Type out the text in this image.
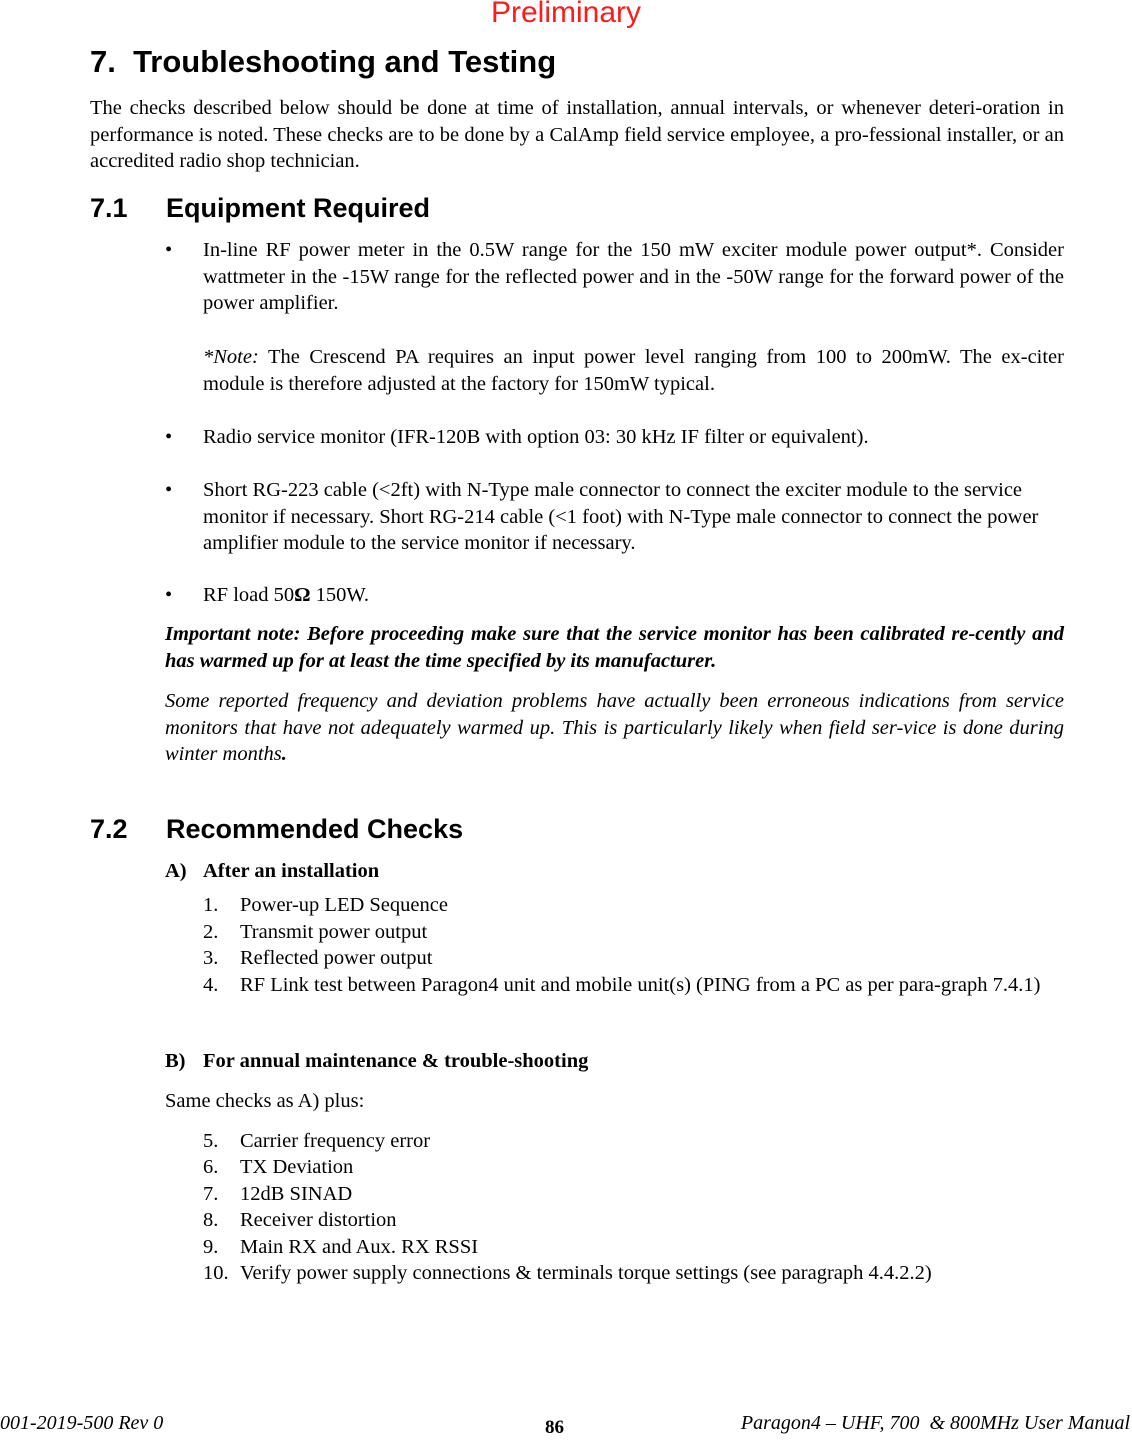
Preliminary
7.  Troubleshooting and Testing
The checks described below should be done at time of installation, annual intervals, or whenever deteri-oration in performance is noted. These checks are to be done by a CalAmp field service employee, a pro-fessional installer, or an accredited radio shop technician.
7.1 Equipment Required
• In-line RF power meter in the 0.5W range for the 150 mW exciter module power output*. Consider wattmeter in the -15W range for the reflected power and in the -50W range for the forward power of the power amplifier.
*Note: The Crescend PA requires an input power level ranging from 100 to 200mW. The ex-citer module is therefore adjusted at the factory for 150mW typical.
• Radio service monitor (IFR-120B with option 03: 30 kHz IF filter or equivalent).
• Short RG-223 cable (<2ft) with N-Type male connector to connect the exciter module to the service monitor if necessary. Short RG-214 cable (<1 foot) with N-Type male connector to connect the power amplifier module to the service monitor if necessary.
• RF load 50Ω 150W.
Important note: Before proceeding make sure that the service monitor has been calibrated re-cently and has warmed up for at least the time specified by its manufacturer.
Some reported frequency and deviation problems have actually been erroneous indications from service monitors that have not adequately warmed up. This is particularly likely when field ser-vice is done during winter months.
7.2 Recommended Checks
A) After an installation
1. Power-up LED Sequence
2. Transmit power output
3. Reflected power output
4. RF Link test between Paragon4 unit and mobile unit(s) (PING from a PC as per para-graph 7.4.1)
B) For annual maintenance & trouble-shooting
Same checks as A) plus:
5. Carrier frequency error
6. TX Deviation
7. 12dB SINAD
8. Receiver distortion
9. Main RX and Aux. RX RSSI
10. Verify power supply connections & terminals torque settings (see paragraph 4.4.2.2)
001-2019-500 Rev 0	86	Paragon4 – UHF, 700  & 800MHz User Manual
